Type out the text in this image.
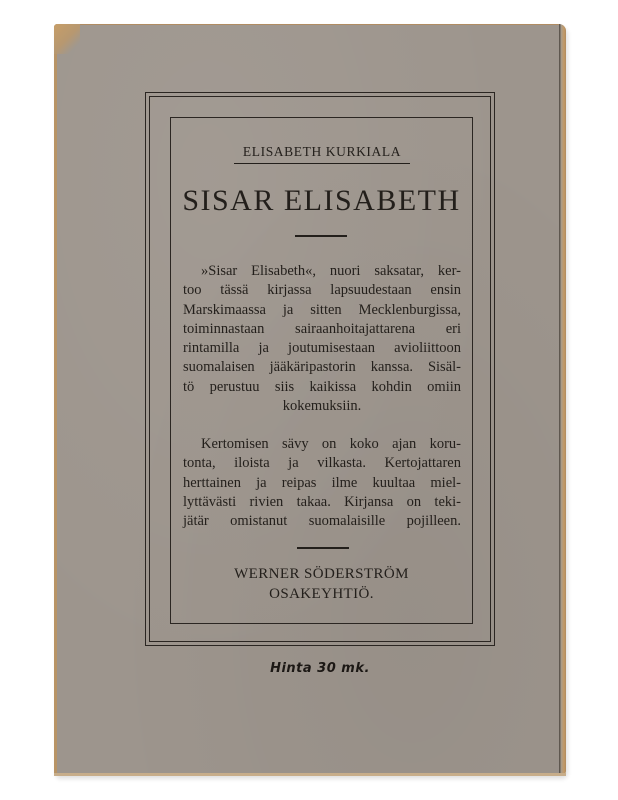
ELISABETH KURKIALA
SISAR ELISABETH
»Sisar Elisabeth«, nuori saksatar, ker-
too tässä kirjassa lapsuudestaan ensin
Marskimaassa ja sitten Mecklenburgissa,
toiminnastaan sairaanhoitajattarena eri
rintamilla ja joutumisestaan avioliittoon
suomalaisen jääkäripastorin kanssa. Sisäl-
tö perustuu siis kaikissa kohdin omiin
kokemuksiin.
Kertomisen sävy on koko ajan koru-
tonta, iloista ja vilkasta. Kertojattaren
herttainen ja reipas ilme kuultaa miel-
lyttävästi rivien takaa. Kirjansa on teki-
jätär omistanut suomalaisille pojilleen.
WERNER SÖDERSTRÖM
OSAKEYHTIÖ.
Hinta 30 mk.
